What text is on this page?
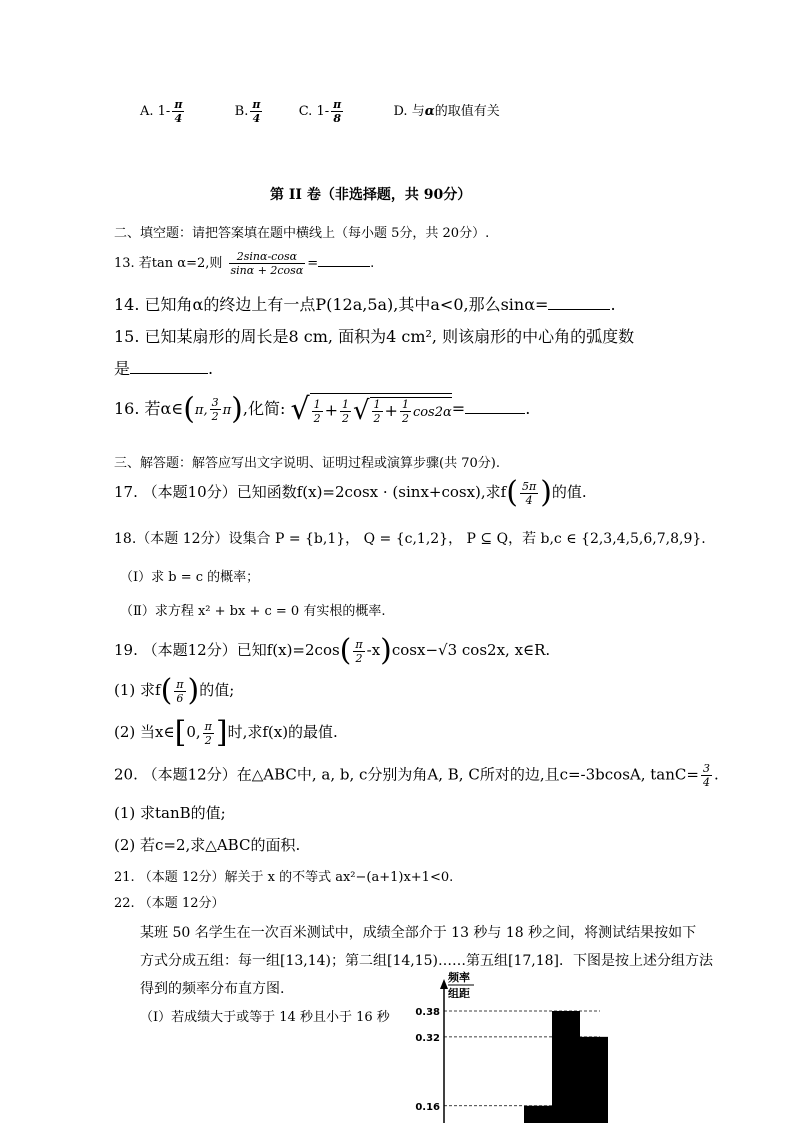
A. $1- \frac{\pi}{4}$	B. $\frac{\pi}{4}$	C. $1- \frac{\pi}{8}$	D. 与α的取值有关
第 II 卷（非选择题，共 90分）
二、填空题：请把答案填在题中横线上（每小题 5分，共 20分）.
13. 若tan α=2,则 $\frac{2\sin\alpha-\cos\alpha}{\sin\alpha + 2\cos\alpha}$ =	.
14. 已知角α的终边上有一点P(12a,5a),其中a<0,那么sinα=	.
15. 已知某扇形的周长是8 cm, 面积为4 cm², 则该扇形的中心角的弧度数
是	.
16. 若α∈(π, $\frac{3}{2} \pi$),化简: √ $\frac{1}{2} + \frac{1}{2}$ √ $\frac{1}{2} + \frac{1}{2} \cos 2\alpha=$	.
三、解答题：解答应写出文字说明、证明过程或演算步骤(共 70分).
17. （本题10分）已知函数f(x)=2cosx · (sinx+cosx),求$f( \frac{5\pi}{4}$ )的值.
18.（本题 12分）设集合 P = {b,1}， Q = {c,1,2}， P ⊆ Q，若 b,c ∈ {2,3,4,5,6,7,8,9}.
（Ⅰ）求 b = c 的概率；
（Ⅱ）求方程 x² + bx + c = 0 有实根的概率.
19. （本题12分）已知$f(x)=2\cos( \frac{\pi}{2} -x)\cos x-√3$ cos2x, x∈R.
(1) 求$f( \frac{\pi}{6}$ )的值;
(2) 当x∈[0, $\frac{\pi}{2}$ ]时,求f(x)的最值.
20. （本题12分）在△ABC中, a, b, c分别为角A, B, C所对的边,且c=-3bcosA, $\tan C= \frac{3}{4}$ .
(1) 求tanB的值;
(2) 若c=2,求△ABC的面积.
21. （本题 12分）解关于 x 的不等式 ax²−(a+1)x+1<0.
22. （本题 12分）
某班 50 名学生在一次百米测试中，成绩全部介于 13 秒与 18 秒之间，将测试结果按如下
方式分成五组：每一组[13,14)；第二组[14,15)……第五组[17,18]．下图是按上述分组方法
得到的频率分布直方图.
（I）若成绩大于或等于 14 秒且小于 16 秒
频率
组距
0.38
0.32
0.16
